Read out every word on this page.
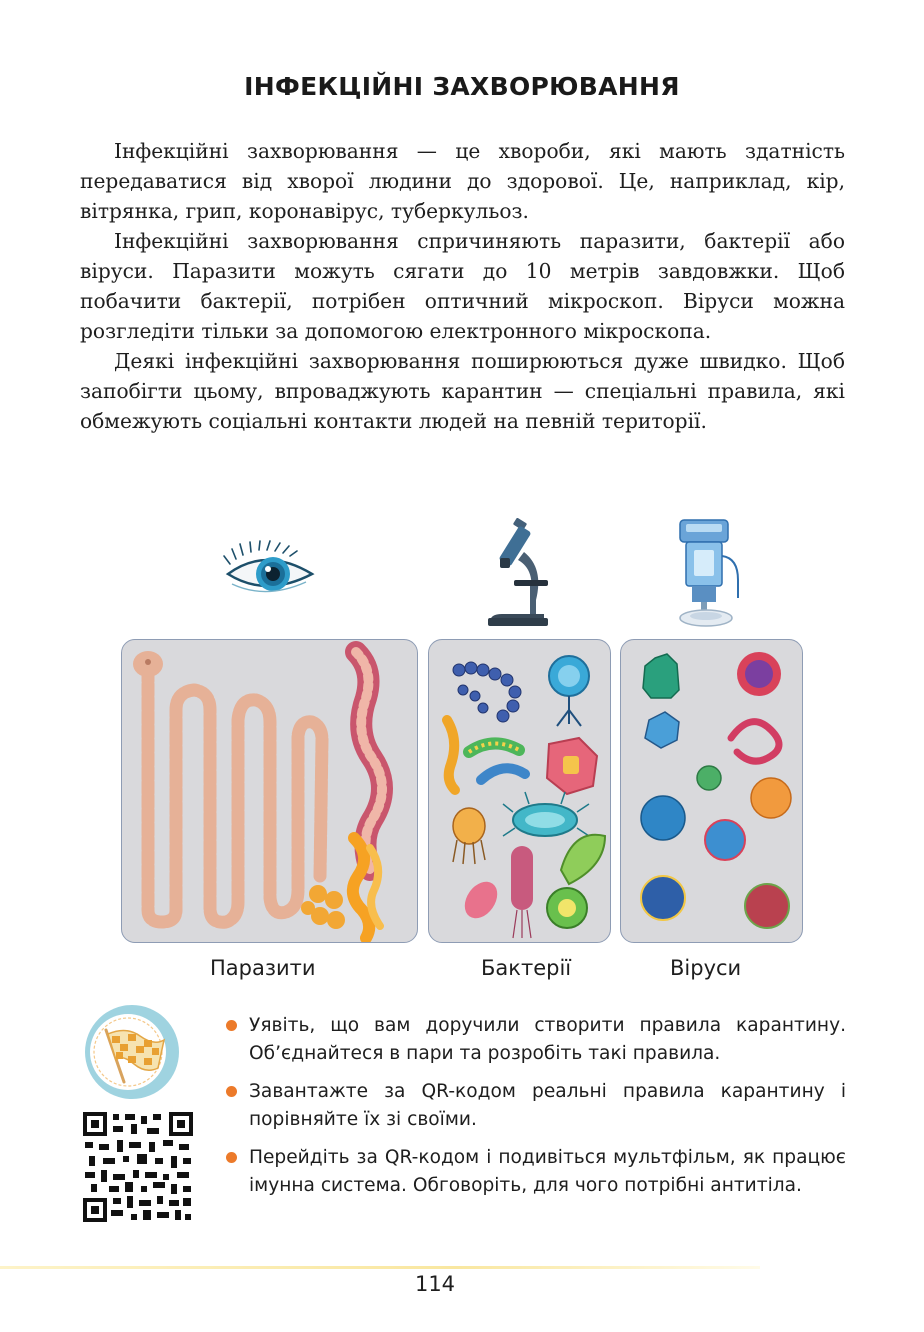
ІНФЕКЦІЙНІ ЗАХВОРЮВАННЯ

Інфекційні захворювання — це хвороби, які мають здатність передаватися від хворої людини до здорової. Це, наприклад, кір, вітрянка, грип, коронавірус, туберкульоз.

Інфекційні захворювання спричиняють паразити, бактерії або віруси. Паразити можуть сягати до 10 метрів завдовжки. Щоб побачити бактерії, потрібен оптичний мікроскоп. Віруси можна розгледіти тільки за допомогою електронного мікроскопа.

Деякі інфекційні захворювання поширюються дуже швидко. Щоб запобігти цьому, впроваджують карантин — спеціальні правила, які обмежують соціальні контакти людей на певній території.

Паразити	Бактерії	Віруси
Уявіть, що вам доручили створити правила карантину. Об’єднайтеся в пари та розробіть такі правила.
Завантажте за QR-кодом реальні правила карантину і порівняйте їх зі своїми.
Перейдіть за QR-кодом і подивіться мультфільм, як працює імунна система. Обговоріть, для чого потрібні антитіла.
114
